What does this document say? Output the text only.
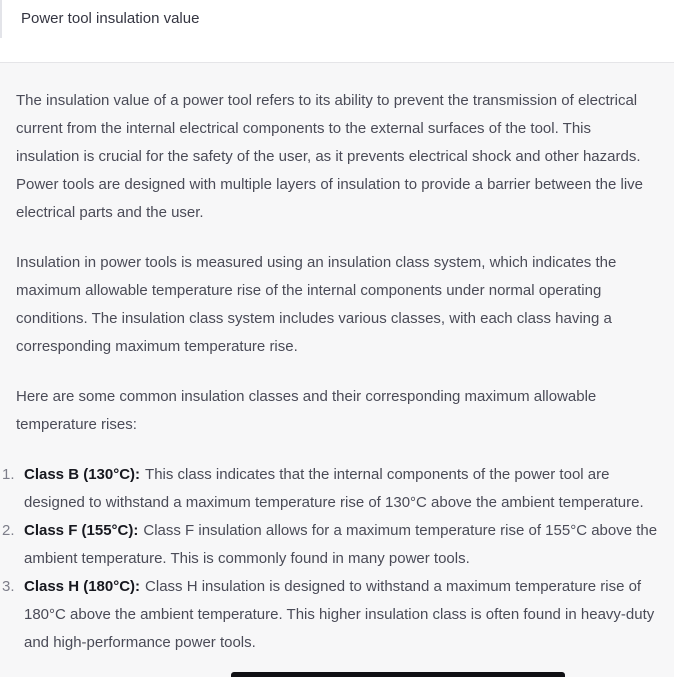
Power tool insulation value

The insulation value of a power tool refers to its ability to prevent the transmission of electrical current from the internal electrical components to the external surfaces of the tool. This insulation is crucial for the safety of the user, as it prevents electrical shock and other hazards. Power tools are designed with multiple layers of insulation to provide a barrier between the live electrical parts and the user.

Insulation in power tools is measured using an insulation class system, which indicates the maximum allowable temperature rise of the internal components under normal operating conditions. The insulation class system includes various classes, with each class having a corresponding maximum temperature rise.

Here are some common insulation classes and their corresponding maximum allowable temperature rises:

1. Class B (130°C): This class indicates that the internal components of the power tool are designed to withstand a maximum temperature rise of 130°C above the ambient temperature.
2. Class F (155°C): Class F insulation allows for a maximum temperature rise of 155°C above the ambient temperature. This is commonly found in many power tools.
3. Class H (180°C): Class H insulation is designed to withstand a maximum temperature rise of 180°C above the ambient temperature. This higher insulation class is often found in heavy-duty and high-performance power tools.
